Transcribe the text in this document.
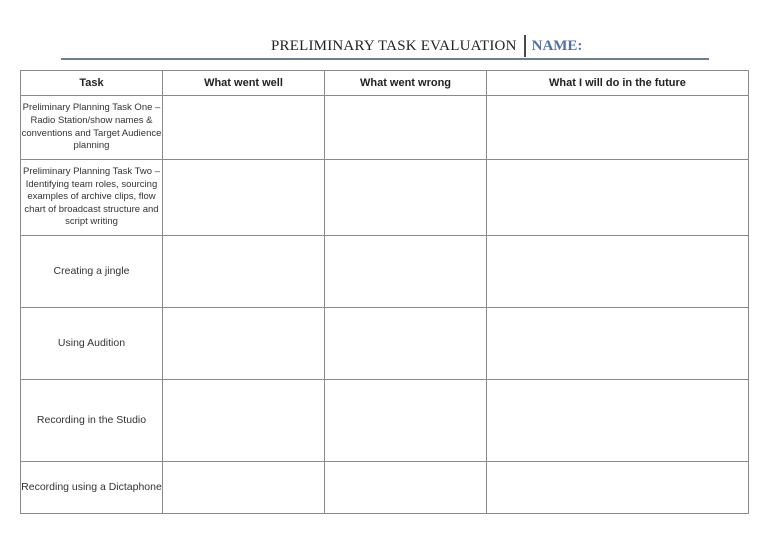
PRELIMINARY TASK EVALUATION NAME:
Task	What went well	What went wrong	What I will do in the future
Preliminary Planning Task One – Radio Station/show names & conventions and Target Audience planning			
Preliminary Planning Task Two – Identifying team roles, sourcing examples of archive clips, flow chart of broadcast structure and script writing			
Creating a jingle			
Using Audition			
Recording in the Studio			
Recording using a Dictaphone			
